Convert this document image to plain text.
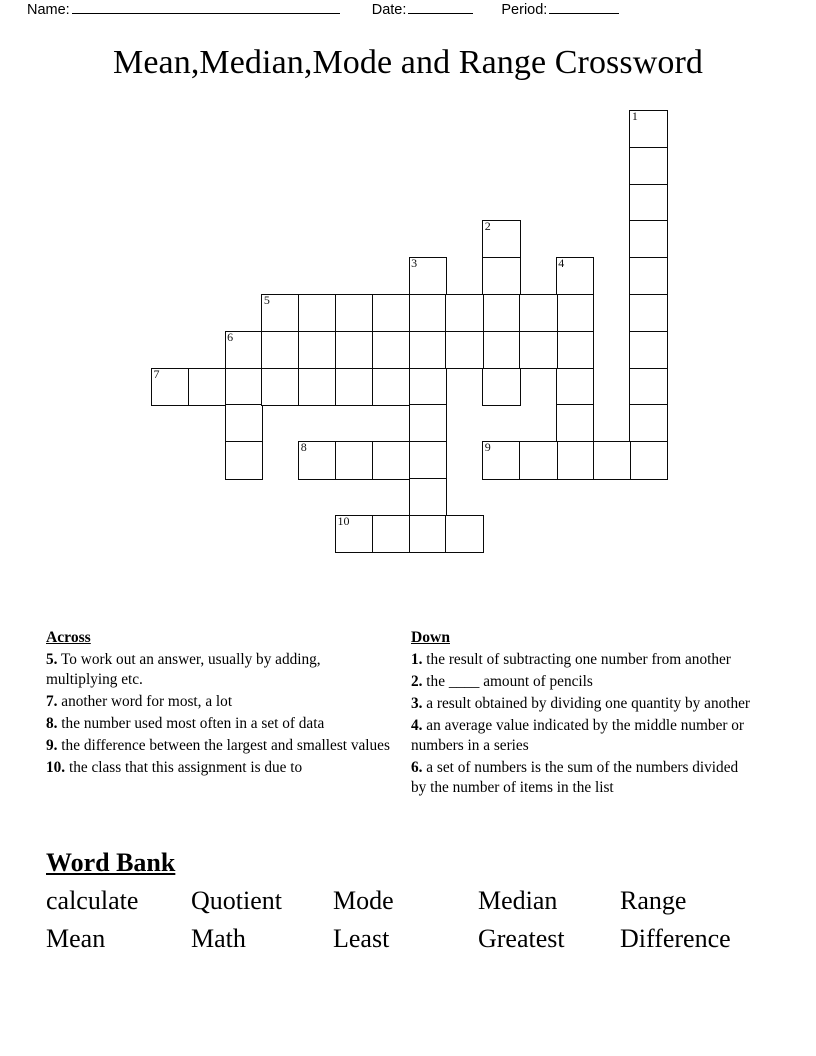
Name:	Date:	Period:
Mean,Median,Mode and Range Crossword
1
2
3	4
5
6
7
8	9
10
Across
5. To work out an answer, usually by adding, multiplying etc.
7. another word for most, a lot
8. the number used most often in a set of data
9. the difference between the largest and smallest values
10. the class that this assignment is due to
Down
1. the result of subtracting one number from another
2. the ____ amount of pencils
3. a result obtained by dividing one quantity by another
4. an average value indicated by the middle number or numbers in a series
6. a set of numbers is the sum of the numbers divided by the number of items in the list
Word Bank
calculate	Quotient	Mode	Median	Range
Mean	Math	Least	Greatest	Difference
